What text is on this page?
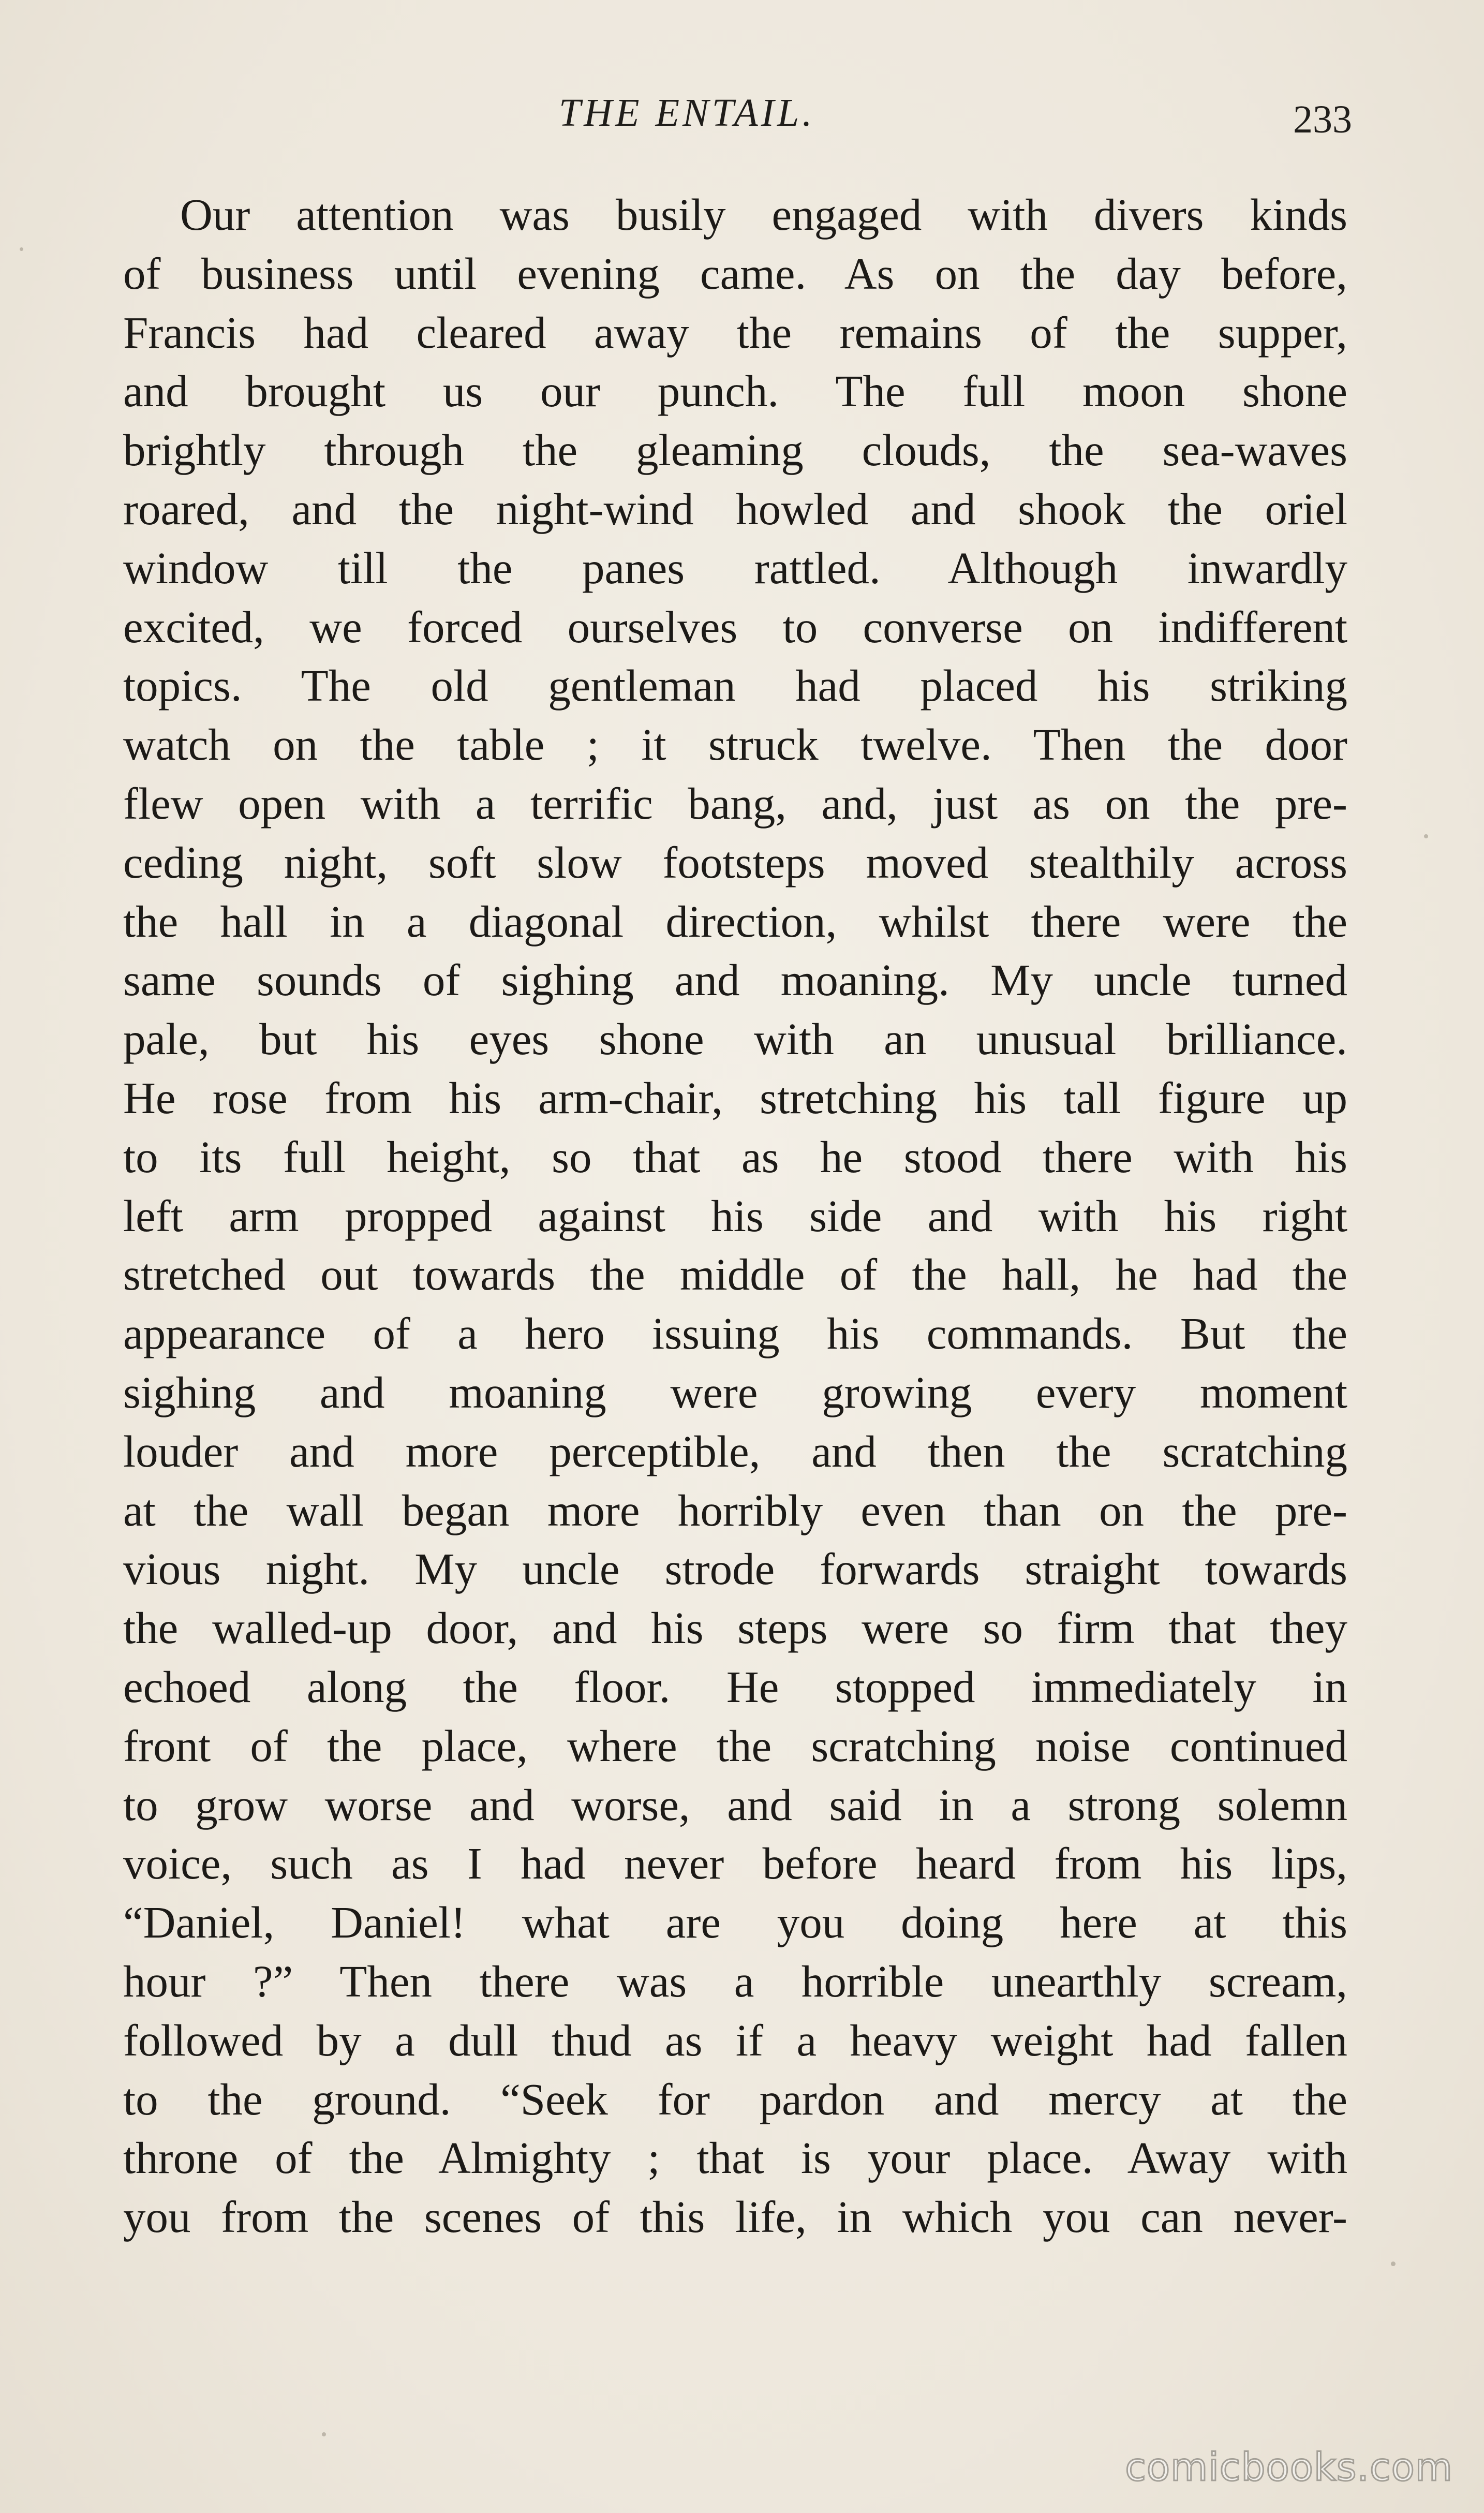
THE ENTAIL.	233
Our attention was busily engaged with divers kinds
of business until evening came. As on the day before,
Francis had cleared away the remains of the supper,
and brought us our punch. The full moon shone
brightly through the gleaming clouds, the sea-waves
roared, and the night-wind howled and shook the oriel
window till the panes rattled. Although inwardly
excited, we forced ourselves to converse on indifferent
topics. The old gentleman had placed his striking
watch on the table ; it struck twelve. Then the door
flew open with a terrific bang, and, just as on the pre-
ceding night, soft slow footsteps moved stealthily across
the hall in a diagonal direction, whilst there were the
same sounds of sighing and moaning. My uncle turned
pale, but his eyes shone with an unusual brilliance.
He rose from his arm-chair, stretching his tall figure up
to its full height, so that as he stood there with his
left arm propped against his side and with his right
stretched out towards the middle of the hall, he had the
appearance of a hero issuing his commands. But the
sighing and moaning were growing every moment
louder and more perceptible, and then the scratching
at the wall began more horribly even than on the pre-
vious night. My uncle strode forwards straight towards
the walled-up door, and his steps were so firm that they
echoed along the floor. He stopped immediately in
front of the place, where the scratching noise continued
to grow worse and worse, and said in a strong solemn
voice, such as I had never before heard from his lips,
“Daniel, Daniel! what are you doing here at this
hour ?” Then there was a horrible unearthly scream,
followed by a dull thud as if a heavy weight had fallen
to the ground. “Seek for pardon and mercy at the
throne of the Almighty ; that is your place. Away with
you from the scenes of this life, in which you can never-
comicbooks.com
